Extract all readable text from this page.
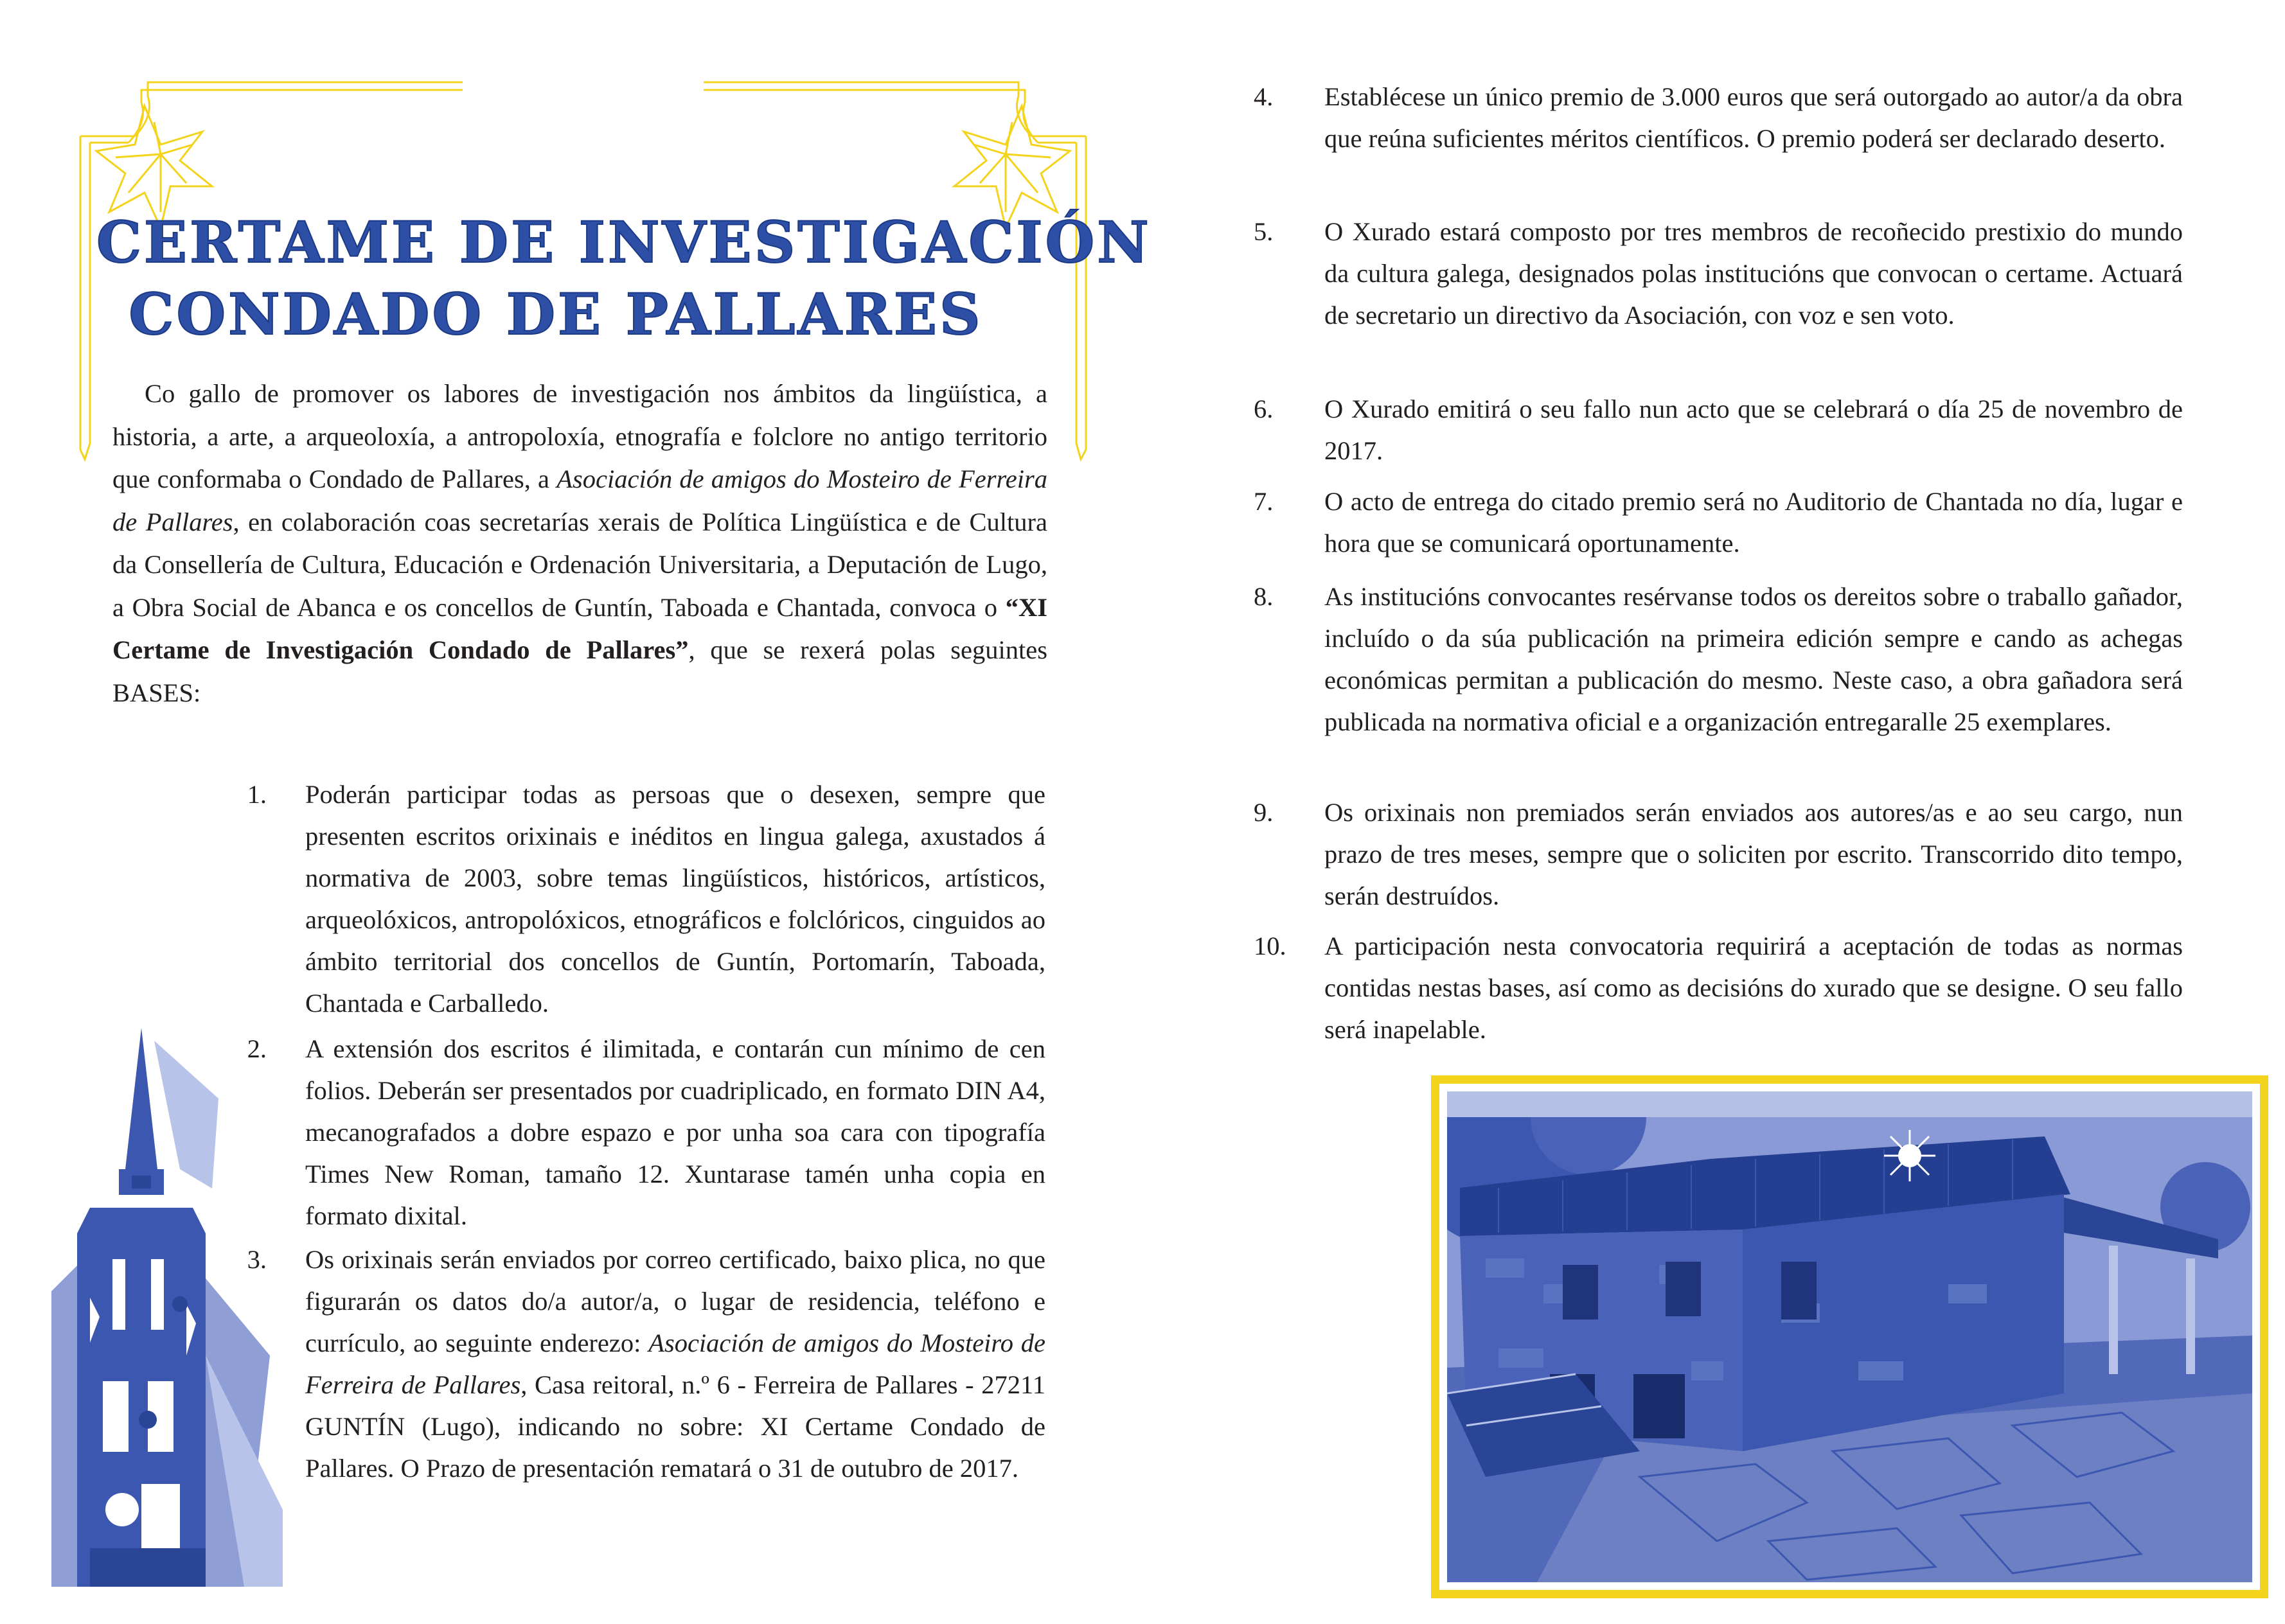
CERTAME DE INVESTIGACIÓN
CONDADO DE PALLARES

Co gallo de promover os labores de investigación nos ámbitos da lingüística, a historia, a arte, a arqueoloxía, a antropoloxía, etnografía e folclore no antigo territorio que conformaba o Condado de Pallares, a Asociación de amigos do Mosteiro de Ferreira de Pallares, en colaboración coas secretarías xerais de Política Lingüística e de Cultura da Consellería de Cultura, Educación e Ordenación Universitaria, a Deputación de Lugo, a Obra Social de Abanca e os concellos de Guntín, Taboada e Chantada, convoca o “XI Certame de Investigación Condado de Pallares”, que se rexerá polas seguintes BASES:

1. Poderán participar todas as persoas que o desexen, sempre que presenten escritos orixinais e inéditos en lingua galega, axustados á normativa de 2003, sobre temas lingüísticos, históricos, artísticos, arqueolóxicos, antropolóxicos, etnográficos e folclóricos, cinguidos ao ámbito territorial dos concellos de Guntín, Portomarín, Taboada, Chantada e Carballedo.
2. A extensión dos escritos é ilimitada, e contarán cun mínimo de cen folios. Deberán ser presentados por cuadriplicado, en formato DIN A4, mecanografados a dobre espazo e por unha soa cara con tipografía Times New Roman, tamaño 12. Xuntarase tamén unha copia en formato dixital.
3. Os orixinais serán enviados por correo certificado, baixo plica, no que figurarán os datos do/a autor/a, o lugar de residencia, teléfono e currículo, ao seguinte enderezo: Asociación de amigos do Mosteiro de Ferreira de Pallares, Casa reitoral, n.º 6 - Ferreira de Pallares - 27211 GUNTÍN (Lugo), indicando no sobre: XI Certame Condado de Pallares. O Prazo de presentación rematará o 31 de outubro de 2017.
4.	Establécese un único premio de 3.000 euros que será outorgado ao autor/a da obra que reúna suficientes méritos científicos. O premio poderá ser declarado deserto.
5.	O Xurado estará composto por tres membros de recoñecido prestixio do mundo da cultura galega, designados polas institucións que convocan o certame. Actuará de secretario un directivo da Asociación, con voz e sen voto.
6.	O Xurado emitirá o seu fallo nun acto que se celebrará o día 25 de novembro de 2017.
7.	O acto de entrega do citado premio será no Auditorio de Chantada no día, lugar e hora que se comunicará oportunamente.
8.	As institucións convocantes resérvanse todos os dereitos sobre o traballo gañador, incluído o da súa publicación na primeira edición sempre e cando as achegas económicas permitan a publicación do mesmo. Neste caso, a obra gañadora será publicada na normativa oficial e a organización entregaralle 25 exemplares.
9.	Os orixinais non premiados serán enviados aos autores/as e ao seu cargo, nun prazo de tres meses, sempre que o soliciten por escrito. Transcorrido dito tempo, serán destruídos.
10.	A participación nesta convocatoria requirirá a aceptación de todas as normas contidas nestas bases, así como as decisións do xurado que se designe. O seu fallo será inapelable.
